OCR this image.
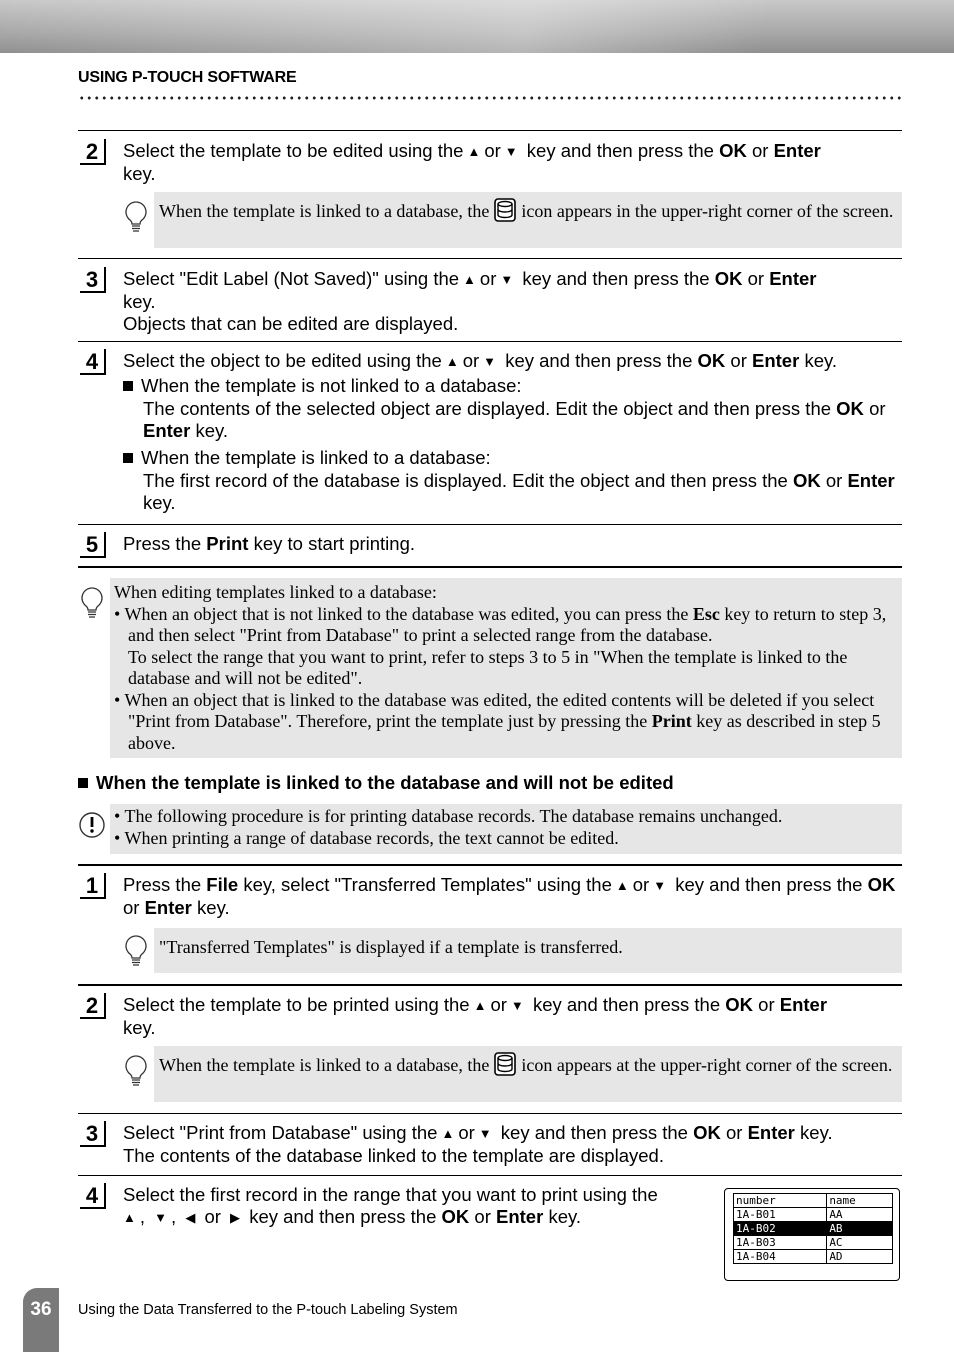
USING P-TOUCH SOFTWARE
2	Select the template to be edited using the ▲ or ▼ key and then press the OK or Enter

key.

When the template is linked to a database, the icon appears in the upper-right corner of the screen.

3	Select "Edit Label (Not Saved)" using the ▲ or ▼ key and then press the OK or Enter

key.

Objects that can be edited are displayed.

4	Select the object to be edited using the ▲ or ▼ key and then press the OK or Enter key.

When the template is not linked to a database:

The contents of the selected object are displayed. Edit the object and then press the OK or Enter key.

When the template is linked to a database:

The first record of the database is displayed. Edit the object and then press the OK or Enter key.

5	Press the Print key to start printing.

When editing templates linked to a database:

• When an object that is not linked to the database was edited, you can press the Esc key to return to step 3, and then select "Print from Database" to print a selected range from the database.

To select the range that you want to print, refer to steps 3 to 5 in "When the template is linked to the database and will not be edited".

• When an object that is linked to the database was edited, the edited contents will be deleted if you select "Print from Database". Therefore, print the template just by pressing the Print key as described in step 5 above.

When the template is linked to the database and will not be edited

• The following procedure is for printing database records. The database remains unchanged.

• When printing a range of database records, the text cannot be edited.

1	Press the File key, select "Transferred Templates" using the ▲ or ▼ key and then press the OK or Enter key.

"Transferred Templates" is displayed if a template is transferred.

2	Select the template to be printed using the ▲ or ▼ key and then press the OK or Enter

key.

When the template is linked to a database, the icon appears at the upper-right corner of the screen.

3	Select "Print from Database" using the ▲ or ▼ key and then press the OK or Enter key.

The contents of the database linked to the template are displayed.

4	Select the first record in the range that you want to print using the

▲ , ▼ , ◀ or ▶ key and then press the OK or Enter key.

number	name
1A-B01	AA
1A-B02	AB
1A-B03	AC
1A-B04	AD
36	Using the Data Transferred to the P-touch Labeling System
